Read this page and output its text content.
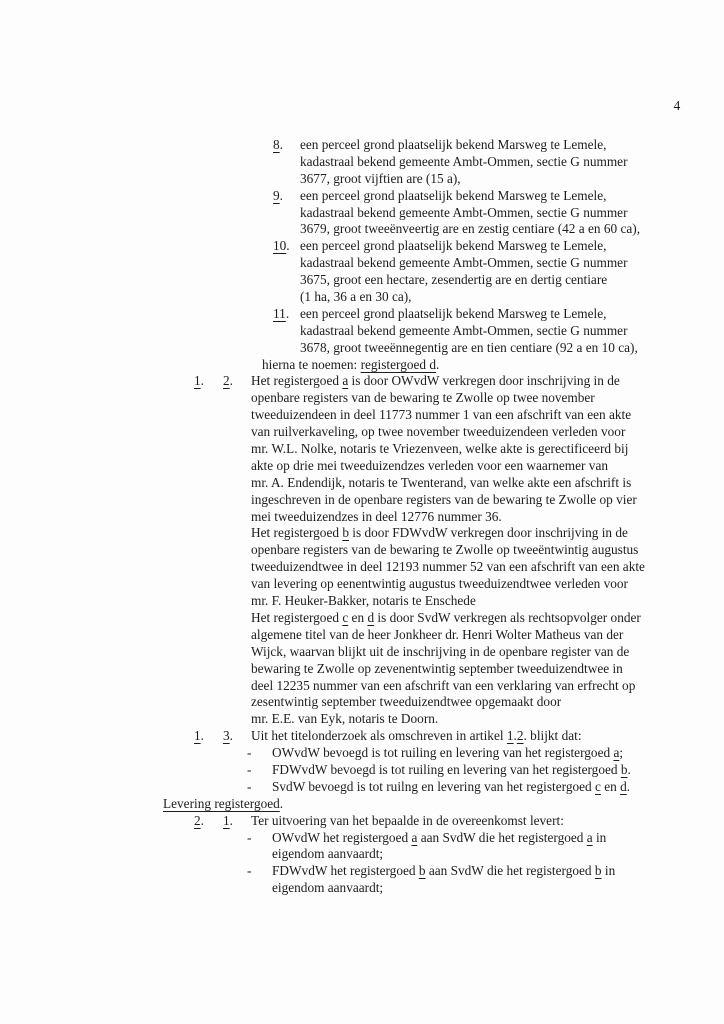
4
8. een perceel grond plaatselijk bekend Marsweg te Lemele,
kadastraal bekend gemeente Ambt-Ommen, sectie G nummer
3677, groot vijftien are (15 a),
9. een perceel grond plaatselijk bekend Marsweg te Lemele,
kadastraal bekend gemeente Ambt-Ommen, sectie G nummer
3679, groot tweeënveertig are en zestig centiare (42 a en 60 ca),
10. een perceel grond plaatselijk bekend Marsweg te Lemele,
kadastraal bekend gemeente Ambt-Ommen, sectie G nummer
3675, groot een hectare, zesendertig are en dertig centiare
(1 ha, 36 a en 30 ca),
11. een perceel grond plaatselijk bekend Marsweg te Lemele,
kadastraal bekend gemeente Ambt-Ommen, sectie G nummer
3678, groot tweeënnegentig are en tien centiare (92 a en 10 ca),
hierna te noemen: registergoed d.
1. 2. Het registergoed a is door OWvdW verkregen door inschrijving in de
openbare registers van de bewaring te Zwolle op twee november
tweeduizendeen in deel 11773 nummer 1 van een afschrift van een akte
van ruilverkaveling, op twee november tweeduizendeen verleden voor
mr. W.L. Nolke, notaris te Vriezenveen, welke akte is gerectificeerd bij
akte op drie mei tweeduizendzes verleden voor een waarnemer van
mr. A. Endendijk, notaris te Twenterand, van welke akte een afschrift is
ingeschreven in de openbare registers van de bewaring te Zwolle op vier
mei tweeduizendzes in deel 12776 nummer 36.
Het registergoed b is door FDWvdW verkregen door inschrijving in de
openbare registers van de bewaring te Zwolle op tweeëntwintig augustus
tweeduizendtwee in deel 12193 nummer 52 van een afschrift van een akte
van levering op eenentwintig augustus tweeduizendtwee verleden voor
mr. F. Heuker-Bakker, notaris te Enschede
Het registergoed c en d is door SvdW verkregen als rechtsopvolger onder
algemene titel van de heer Jonkheer dr. Henri Wolter Matheus van der
Wijck, waarvan blijkt uit de inschrijving in de openbare register van de
bewaring te Zwolle op zevenentwintig september tweeduizendtwee in
deel 12235 nummer van een afschrift van een verklaring van erfrecht op
zesentwintig september tweeduizendtwee opgemaakt door
mr. E.E. van Eyk, notaris te Doorn.
1. 3. Uit het titelonderzoek als omschreven in artikel 1.2. blijkt dat:
- OWvdW bevoegd is tot ruiling en levering van het registergoed a;
- FDWvdW bevoegd is tot ruiling en levering van het registergoed b.
- SvdW bevoegd is tot ruilng en levering van het registergoed c en d.
Levering registergoed.
2. 1. Ter uitvoering van het bepaalde in de overeenkomst levert:
- OWvdW het registergoed a aan SvdW die het registergoed a in
eigendom aanvaardt;
- FDWvdW het registergoed b aan SvdW die het registergoed b in
eigendom aanvaardt;
